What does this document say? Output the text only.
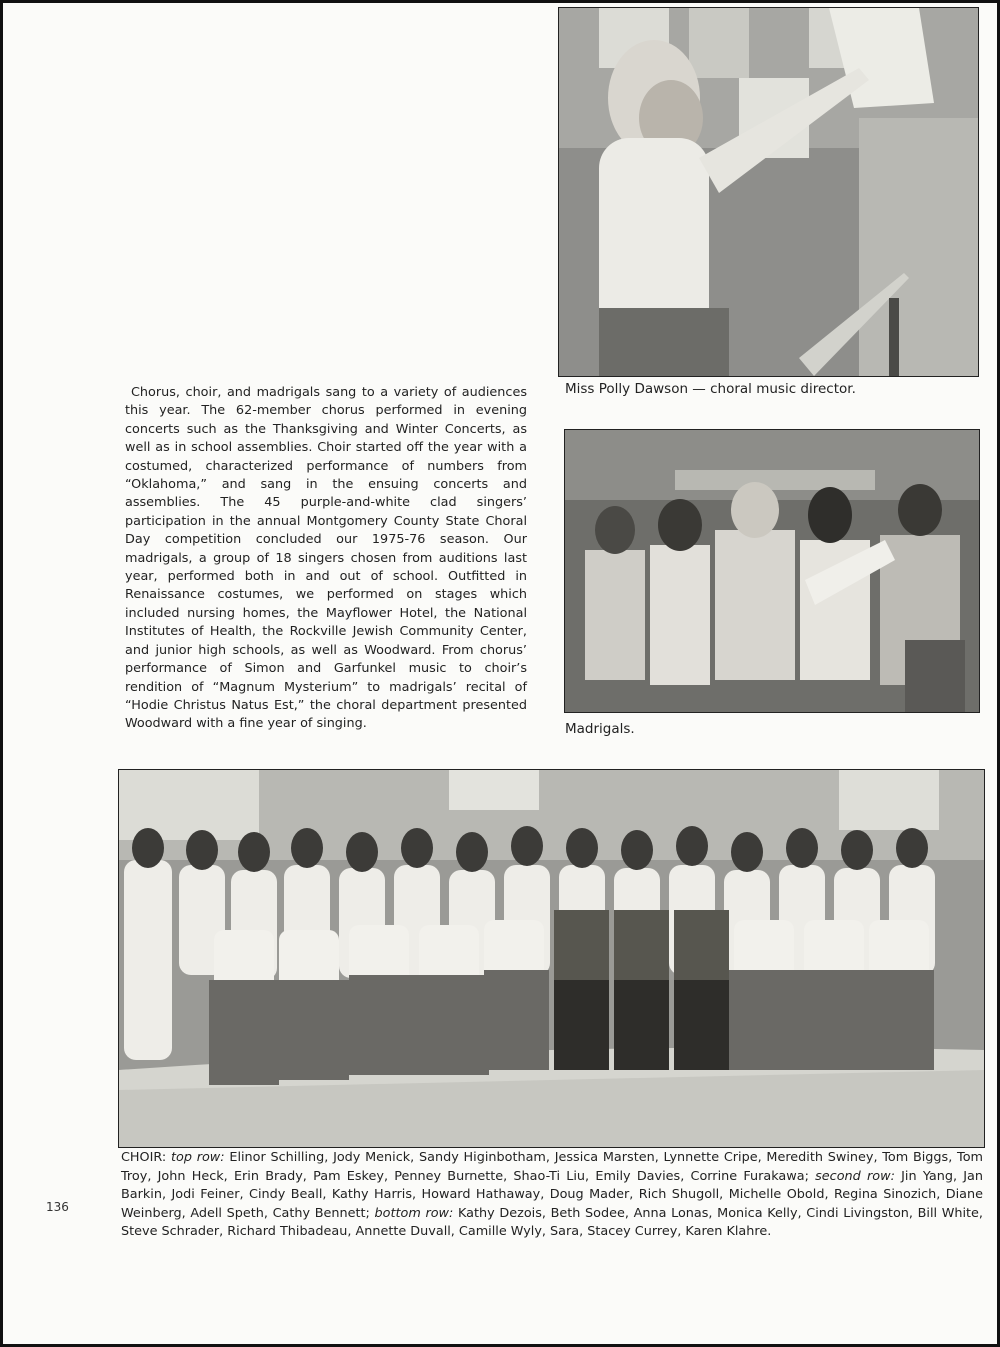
Miss Polly Dawson — choral music director.
Chorus, choir, and madrigals sang to a variety of audiences this year. The 62-member chorus performed in evening concerts such as the Thanksgiving and Winter Concerts, as well as in school assemblies. Choir started off the year with a costumed, characterized performance of numbers from “Oklahoma,” and sang in the ensuing concerts and assemblies. The 45 purple-and-white clad singers’ participation in the annual Montgomery County State Choral Day competition concluded our 1975-76 season. Our madrigals, a group of 18 singers chosen from auditions last year, performed both in and out of school. Outfitted in Renaissance costumes, we performed on stages which included nursing homes, the Mayflower Hotel, the National Institutes of Health, the Rockville Jewish Community Center, and junior high schools, as well as Woodward. From chorus’ performance of Simon and Garfunkel music to choir’s rendition of “Magnum Mysterium” to madrigals’ recital of “Hodie Christus Natus Est,” the choral department presented Woodward with a fine year of singing.	Madrigals.
CHOIR: top row: Elinor Schilling, Jody Menick, Sandy Higinbotham, Jessica Marsten, Lynnette Cripe, Meredith Swiney, Tom Biggs, Tom Troy, John Heck, Erin Brady, Pam Eskey, Penney Burnette, Shao-Ti Liu, Emily Davies, Corrine Furakawa; second row: Jin Yang, Jan Barkin, Jodi Feiner, Cindy Beall, Kathy Harris, Howard Hathaway, Doug Mader, Rich Shugoll, Michelle Obold, Regina Sinozich, Diane Weinberg, Adell Speth, Cathy Bennett; bottom row: Kathy Dezois, Beth Sodee, Anna Lonas, Monica Kelly, Cindi Livingston, Bill White, Steve Schrader, Richard Thibadeau, Annette Duvall, Camille Wyly, Sara, Stacey Currey, Karen Klahre.
136
